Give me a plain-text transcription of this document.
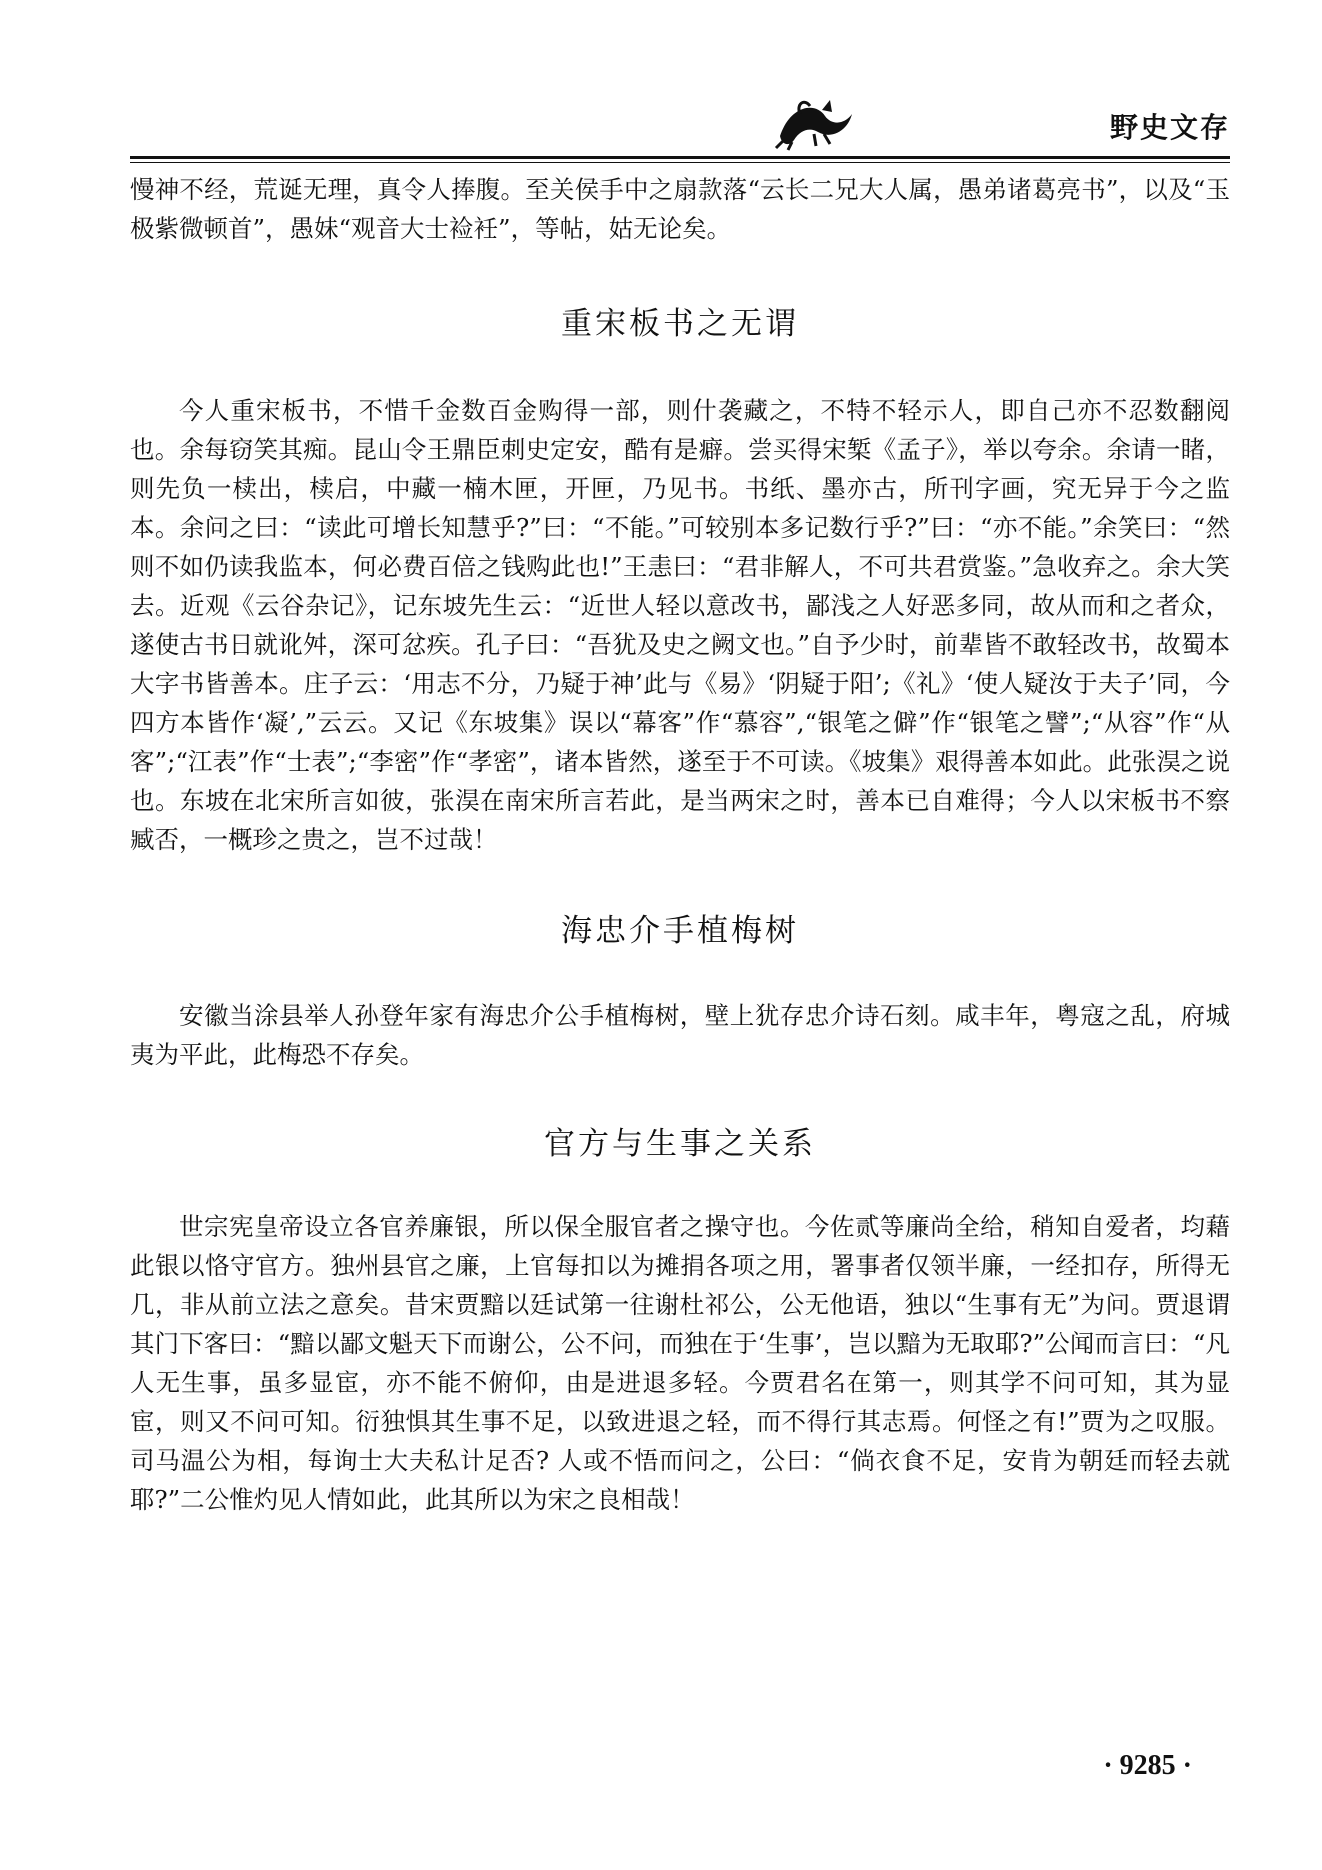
野史文存

慢神不经，荒诞无理，真令人捧腹。至关侯手中之扇款落“云长二兄大人属，愚弟诸葛亮书”，以及“玉极紫微顿首”，愚妹“观音大士裣衽”，等帖，姑无论矣。

重宋板书之无谓

今人重宋板书，不惜千金数百金购得一部，则什袭藏之，不特不轻示人，即自己亦不忍数翻阅也。余每窃笑其痴。昆山令王鼎臣刺史定安，酷有是癖。尝买得宋椠《孟子》，举以夸余。余请一睹，则先负一椟出，椟启，中藏一楠木匣，开匣，乃见书。书纸、墨亦古，所刊字画，究无异于今之监本。余问之曰：“读此可增长知慧乎?”曰：“不能。”可较别本多记数行乎?”曰：“亦不能。”余笑曰：“然则不如仍读我监本，何必费百倍之钱购此也!”王恚曰：“君非解人，不可共君赏鉴。”急收弃之。余大笑去。近观《云谷杂记》，记东坡先生云：“近世人轻以意改书，鄙浅之人好恶多同，故从而和之者众，遂使古书日就讹舛，深可忿疾。孔子曰：“吾犹及史之阙文也。”自予少时，前辈皆不敢轻改书，故蜀本大字书皆善本。庄子云：‘用志不分，乃疑于神’此与《易》‘阴疑于阳’;《礼》‘使人疑汝于夫子’同，今四方本皆作‘凝’,”云云。又记《东坡集》误以“幕客”作“慕容”,“银笔之僻”作“银笔之譬”;“从容”作“从客”;“江表”作“士表”;“李密”作“孝密”，诸本皆然，遂至于不可读。《坡集》艰得善本如此。此张淏之说也。东坡在北宋所言如彼，张淏在南宋所言若此，是当两宋之时，善本已自难得；今人以宋板书不察臧否，一概珍之贵之，岂不过哉！

海忠介手植梅树

安徽当涂县举人孙登年家有海忠介公手植梅树，壁上犹存忠介诗石刻。咸丰年，粤寇之乱，府城夷为平此，此梅恐不存矣。

官方与生事之关系

世宗宪皇帝设立各官养廉银，所以保全服官者之操守也。今佐贰等廉尚全给，稍知自爱者，均藉此银以恪守官方。独州县官之廉，上官每扣以为摊捐各项之用，署事者仅领半廉，一经扣存，所得无几，非从前立法之意矣。昔宋贾黯以廷试第一往谢杜祁公，公无他语，独以“生事有无”为问。贾退谓其门下客曰：“黯以鄙文魁天下而谢公，公不问，而独在于‘生事’，岂以黯为无取耶?”公闻而言曰：“凡人无生事，虽多显宦，亦不能不俯仰，由是进退多轻。今贾君名在第一，则其学不问可知，其为显宦，则又不问可知。衍独惧其生事不足，以致进退之轻，而不得行其志焉。何怪之有!”贾为之叹服。司马温公为相，每询士大夫私计足否? 人或不悟而问之，公曰：“倘衣食不足，安肯为朝廷而轻去就耶?”二公惟灼见人情如此，此其所以为宋之良相哉！

· 9285 ·
